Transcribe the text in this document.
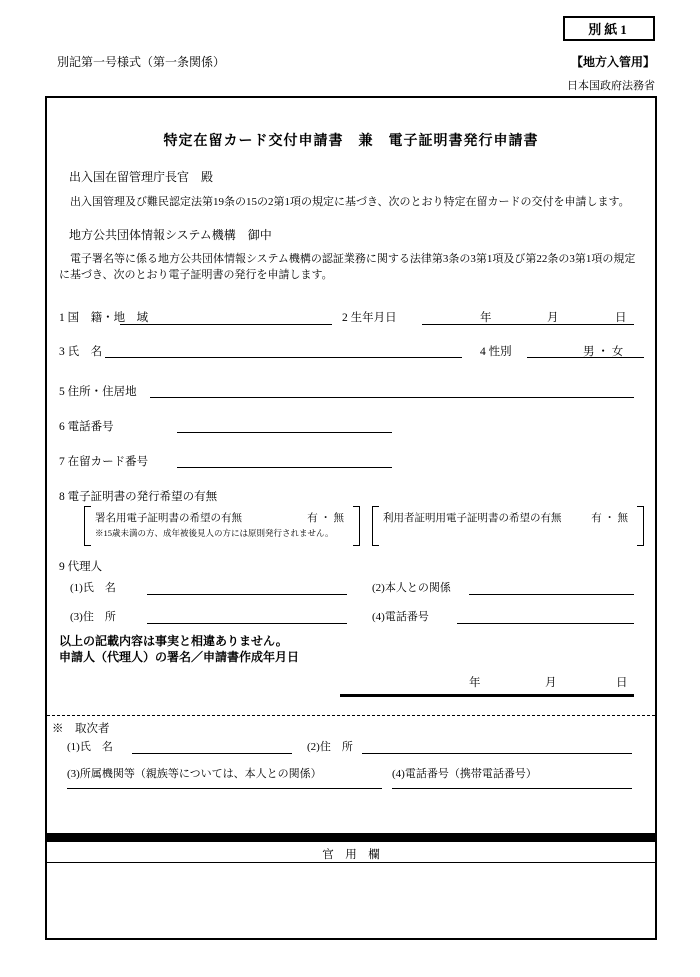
別紙1
別記第一号様式（第一条関係）	【地方入管用】
日本国政府法務省
特定在留カード交付申請書　兼　電子証明書発行申請書
出入国在留管理庁長官　殿
出入国管理及び難民認定法第19条の15の2第1項の規定に基づき、次のとおり特定在留カードの交付を申請します。
地方公共団体情報システム機構　御中
電子署名等に係る地方公共団体情報システム機構の認証業務に関する法律第3条の3第1項及び第22条の3第1項の規定に基づき、次のとおり電子証明書の発行を申請します。
1 国　籍・地　域	2 生年月日	年	月	日
3 氏　名	4 性別	男 ・ 女
5 住所・住居地
6 電話番号
7 在留カード番号
8 電子証明書の発行希望の有無
署名用電子証明書の希望の有無	有 ・ 無
※15歳未満の方、成年被後見人の方には原則発行されません。
利用者証明用電子証明書の希望の有無	有 ・ 無
9 代理人
(1)氏　名	(2)本人との関係
(3)住　所	(4)電話番号
以上の記載内容は事実と相違ありません。
申請人（代理人）の署名／申請書作成年月日
年	月	日
※　取次者
(1)氏　名	(2)住　所
(3)所属機関等（親族等については、本人との関係）	(4)電話番号（携帯電話番号）
官　用　欄
